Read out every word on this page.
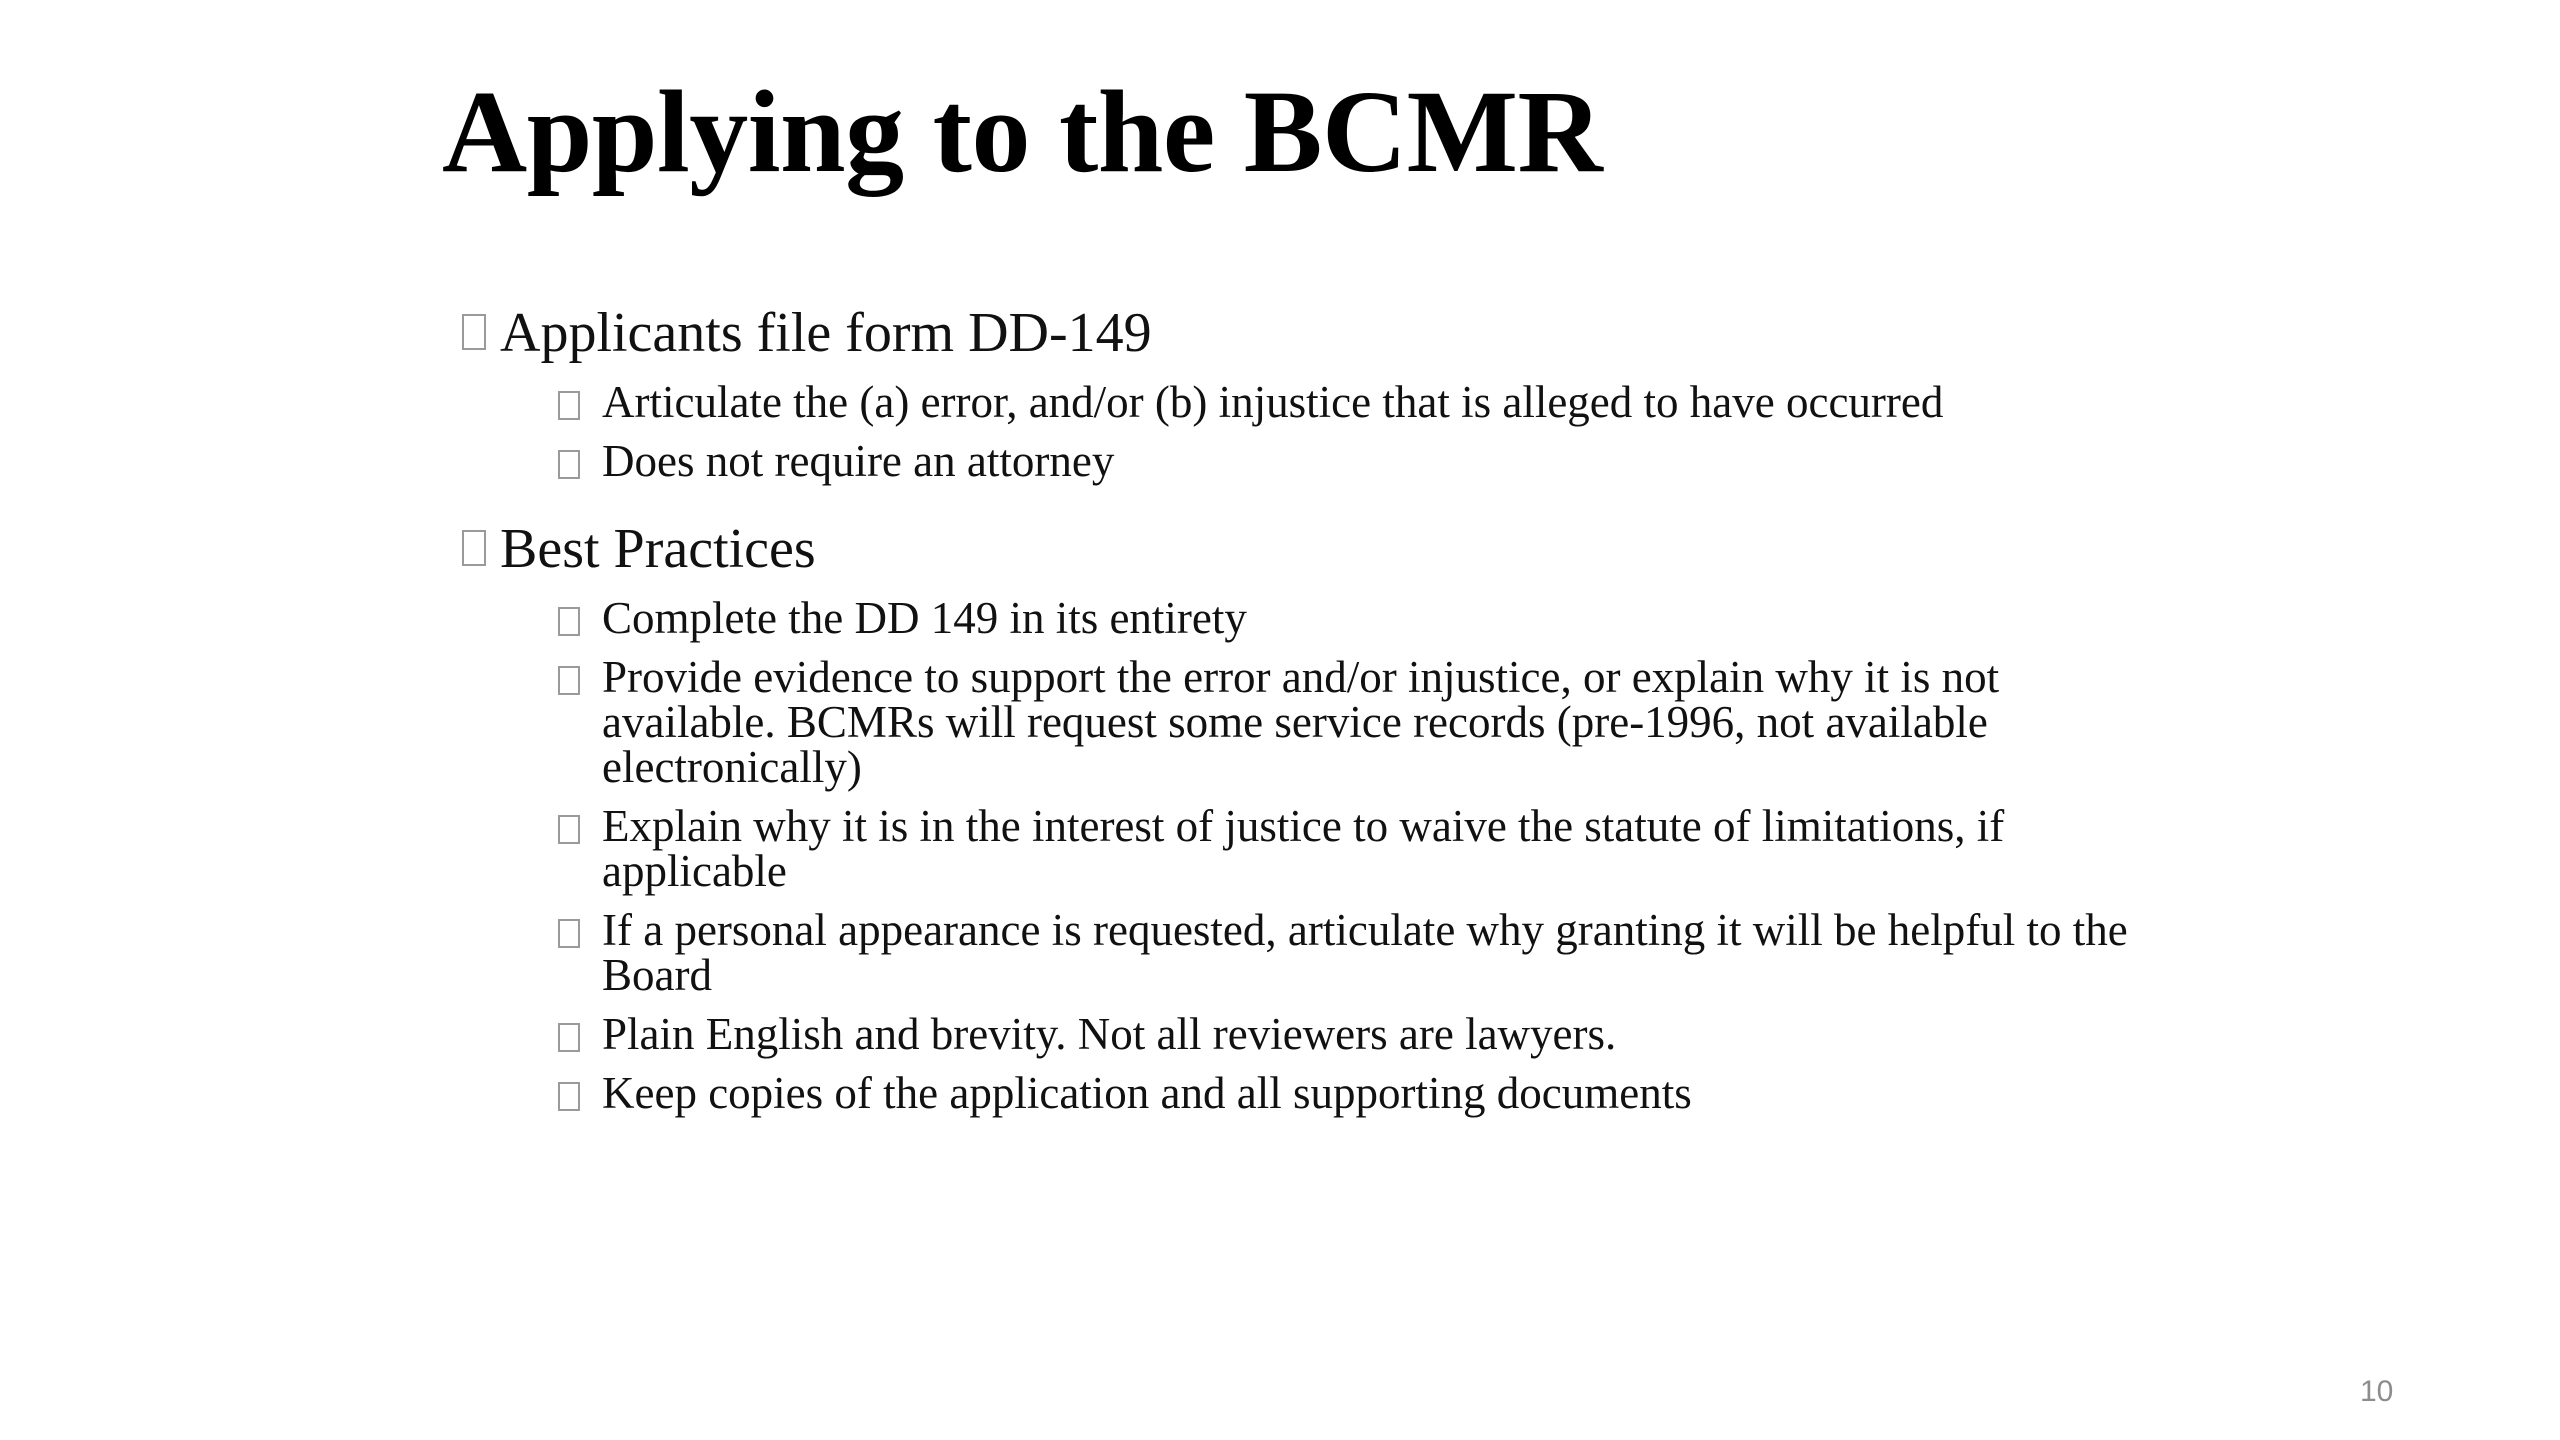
Applying to the BCMR
Applicants file form DD-149
Articulate the (a) error, and/or (b) injustice that is alleged to have occurred
Does not require an attorney
Best Practices
Complete the DD 149 in its entirety
Provide evidence to support the error and/or injustice, or explain why it is not available. BCMRs will request some service records (pre-1996, not available electronically)
Explain why it is in the interest of justice to waive the statute of limitations, if applicable
If a personal appearance is requested, articulate why granting it will be helpful to the Board
Plain English and brevity. Not all reviewers are lawyers.
Keep copies of the application and all supporting documents
10
